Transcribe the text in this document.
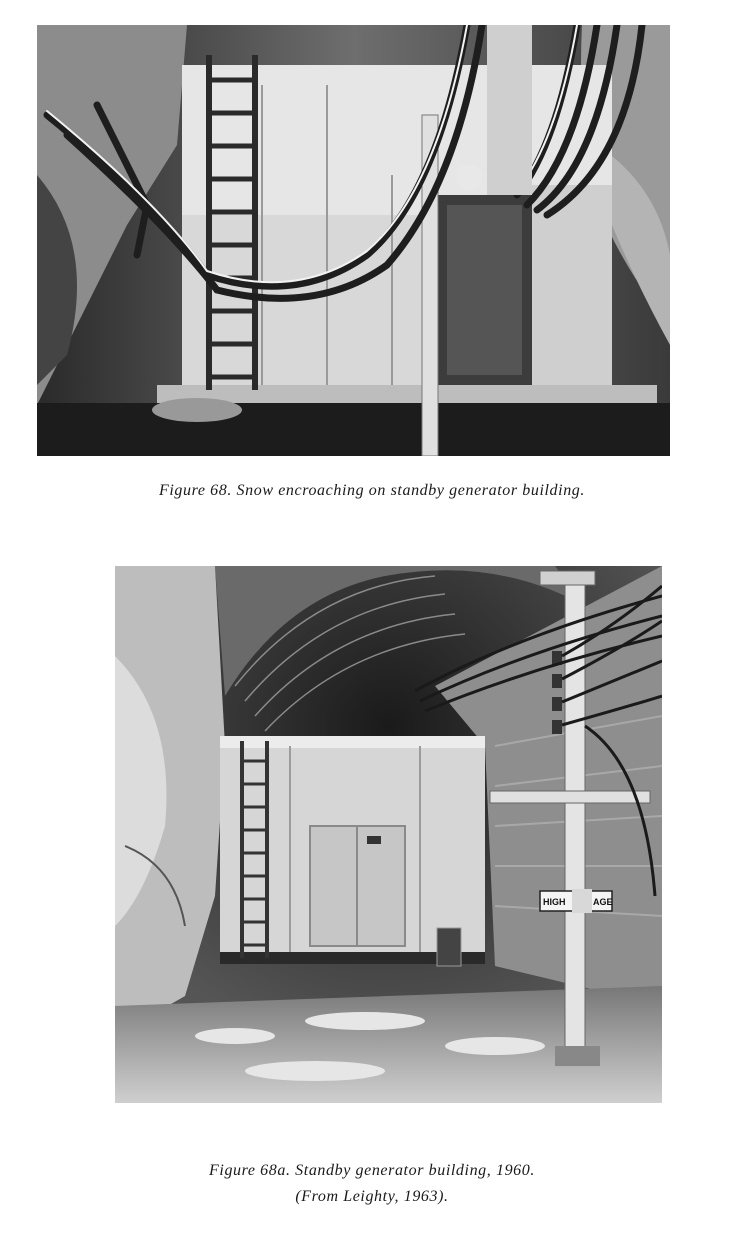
Figure 68. Snow encroaching on standby generator building.
HIGH	AGE
Figure 68a. Standby generator building, 1960.
(From Leighty, 1963).
